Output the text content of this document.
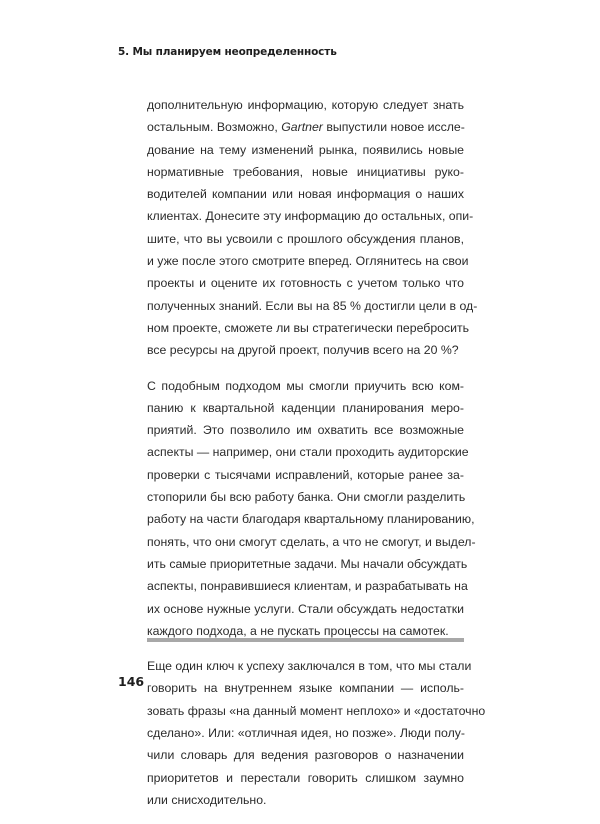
5. Мы планируем неопределенность
дополнительную информацию, которую следует знать
остальным. Возможно, Gartner выпустили новое иссле-
дование на тему изменений рынка, появились новые
нормативные требования, новые инициативы руко-
водителей компании или новая информация о наших
клиентах. Донесите эту информацию до остальных, опи-
шите, что вы усвоили с прошлого обсуждения планов,
и уже после этого смотрите вперед. Оглянитесь на свои
проекты и оцените их готовность с учетом только что
полученных знаний. Если вы на 85 % достигли цели в од-
ном проекте, сможете ли вы стратегически перебросить
все ресурсы на другой проект, получив всего на 20 %?
С подобным подходом мы смогли приучить всю ком-
панию к квартальной каденции планирования меро-
приятий. Это позволило им охватить все возможные
аспекты — например, они стали проходить аудиторские
проверки с тысячами исправлений, которые ранее за-
стопорили бы всю работу банка. Они смогли разделить
работу на части благодаря квартальному планированию,
понять, что они смогут сделать, а что не смогут, и выдел-
ить самые приоритетные задачи. Мы начали обсуждать
аспекты, понравившиеся клиентам, и разрабатывать на
их основе нужные услуги. Стали обсуждать недостатки
каждого подхода, а не пускать процессы на самотек.
Еще один ключ к успеху заключался в том, что мы стали
говорить на внутреннем языке компании — исполь-
зовать фразы «на данный момент неплохо» и «достаточно
сделано». Или: «отличная идея, но позже». Люди полу-
чили словарь для ведения разговоров о назначении
приоритетов и перестали говорить слишком заумно
или снисходительно.
146
